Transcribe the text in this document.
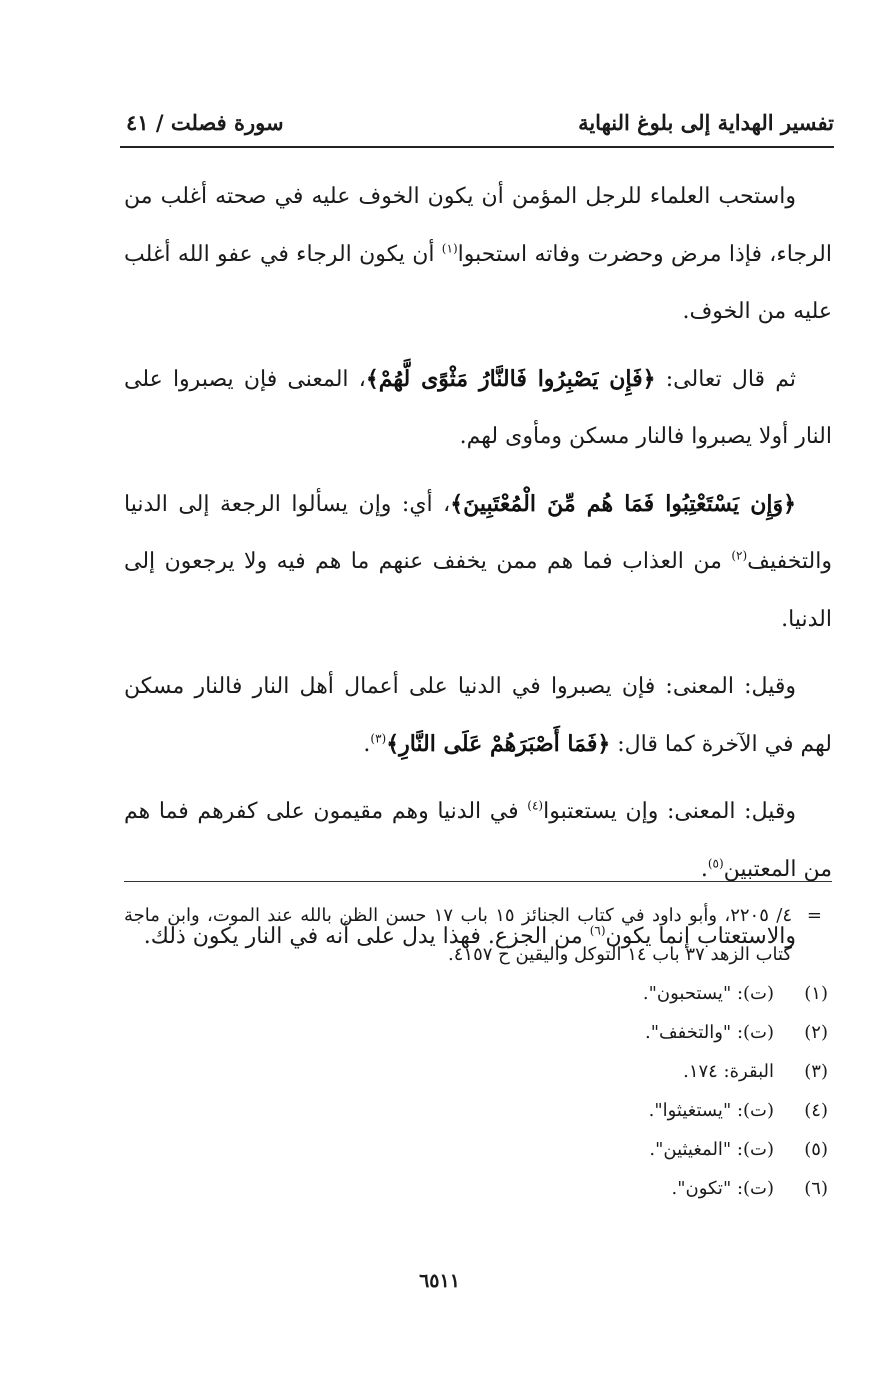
تفسير الهداية إلى بلوغ النهاية
سورة فصلت / ٤١

واستحب العلماء للرجل المؤمن أن يكون الخوف عليه في صحته أغلب من الرجاء، فإذا مرض وحضرت وفاته استحبوا$^{(١)}$ أن يكون الرجاء في عفو الله أغلب عليه من الخوف.

ثم قال تعالى: ﴿فَإِن يَصْبِرُوا فَالنَّارُ مَثْوًى لَّهُمْ﴾، المعنى فإن يصبروا على النار أولا يصبروا فالنار مسكن ومأوى لهم.

﴿وَإِن يَسْتَعْتِبُوا فَمَا هُم مِّنَ الْمُعْتَبِينَ﴾، أي: وإن يسألوا الرجعة إلى الدنيا والتخفيف$^{(٢)}$ من العذاب فما هم ممن يخفف عنهم ما هم فيه ولا يرجعون إلى الدنيا.

وقيل: المعنى: فإن يصبروا في الدنيا على أعمال أهل النار فالنار مسكن لهم في الآخرة كما قال: ﴿فَمَا أَصْبَرَهُمْ عَلَى النَّارِ﴾$^{(٣)}$.

وقيل: المعنى: وإن يستعتبوا$^{(٤)}$ في الدنيا وهم مقيمون على كفرهم فما هم من المعتبين$^{(٥)}$.

والاستعتاب إنما يكون$^{(٦)}$ من الجزع. فهذا يدل على أنه في النار يكون ذلك.

=
٤/ ٢٢٠٥، وأبو داود في كتاب الجنائز ١٥ باب ١٧ حسن الظن بالله عند الموت، وابن ماجة كتاب الزهد ٣٧ باب ١٤ التوكل واليقين ح ٤١٥٧.
(١)
(ت): "يستحبون".
(٢)
(ت): "والتخفف".
(٣)
البقرة: ١٧٤.
(٤)
(ت): "يستغيثوا".
(٥)
(ت): "المغيثين".
(٦)
(ت): "تكون".
٦٥١١
